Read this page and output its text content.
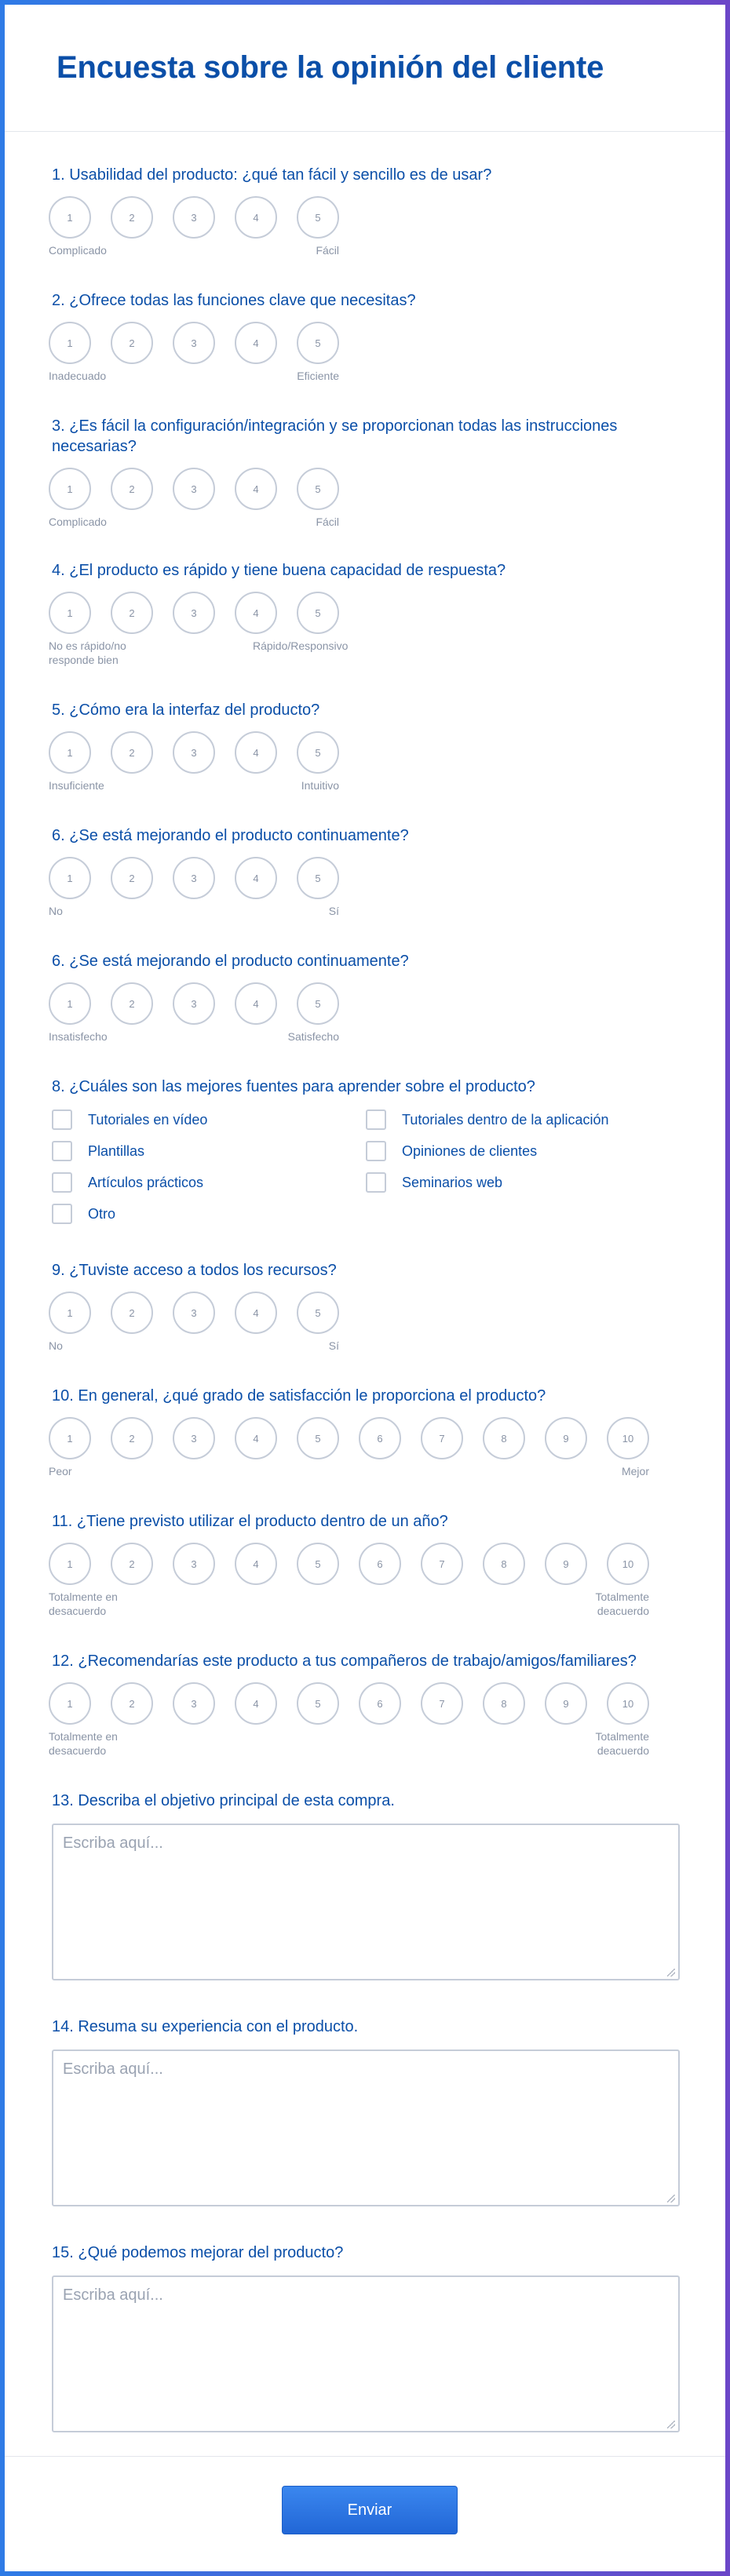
Encuesta sobre la opinión del cliente
1. Usabilidad del producto: ¿qué tan fácil y sencillo es de usar?
1	2	3	4	5
Complicado	Fácil
2. ¿Ofrece todas las funciones clave que necesitas?
1	2	3	4	5
Inadecuado	Eficiente
3. ¿Es fácil la configuración/integración y se proporcionan todas las instrucciones necesarias?
1	2	3	4	5
Complicado	Fácil
4. ¿El producto es rápido y tiene buena capacidad de respuesta?
1	2	3	4	5
No es rápido/no responde bien
Rápido/Responsivo
5. ¿Cómo era la interfaz del producto?
1	2	3	4	5
Insuficiente	Intuitivo
6. ¿Se está mejorando el producto continuamente?
1	2	3	4	5
No	Sí
6. ¿Se está mejorando el producto continuamente?
1	2	3	4	5
Insatisfecho	Satisfecho
8. ¿Cuáles son las mejores fuentes para aprender sobre el producto?
Tutoriales en vídeo	Tutoriales dentro de la aplicación
Plantillas	Opiniones de clientes
Artículos prácticos	Seminarios web
Otro
9. ¿Tuviste acceso a todos los recursos?
1	2	3	4	5
No	Sí
10. En general, ¿qué grado de satisfacción le proporciona el producto?
1	2	3	4	5	6	7	8	9	10
Peor	Mejor
11. ¿Tiene previsto utilizar el producto dentro de un año?
1	2	3	4	5	6	7	8	9	10
Totalmente en desacuerdo
Totalmente deacuerdo
12. ¿Recomendarías este producto a tus compañeros de trabajo/amigos/familiares?
1	2	3	4	5	6	7	8	9	10
Totalmente en desacuerdo
Totalmente deacuerdo
13. Describa el objetivo principal de esta compra.
Escriba aquí...
14. Resuma su experiencia con el producto.
Escriba aquí...
15. ¿Qué podemos mejorar del producto?
Escriba aquí...
Enviar
